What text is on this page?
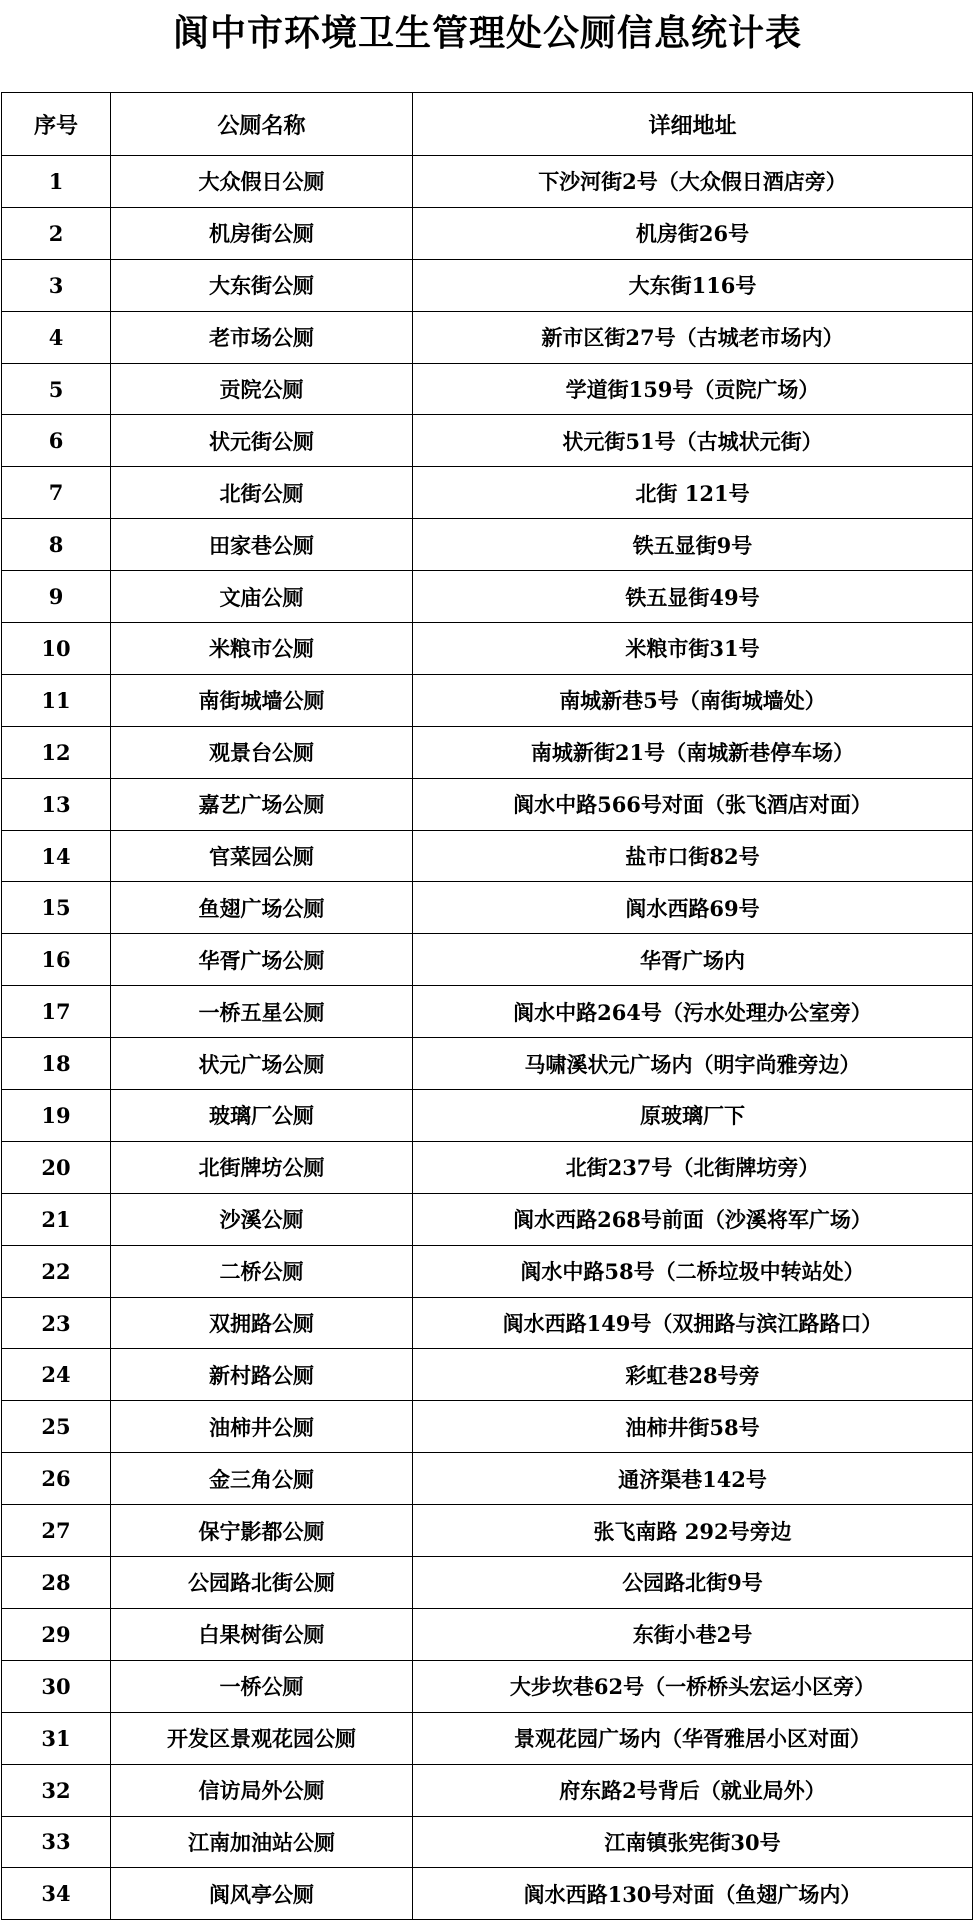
阆中市环境卫生管理处公厕信息统计表
序号	公厕名称	详细地址
1	大众假日公厕	下沙河街2号（大众假日酒店旁）
2	机房街公厕	机房街26号
3	大东街公厕	大东街116号
4	老市场公厕	新市区街27号（古城老市场内）
5	贡院公厕	学道街159号（贡院广场）
6	状元街公厕	状元街51号（古城状元街）
7	北街公厕	北街 121号
8	田家巷公厕	铁五显街9号
9	文庙公厕	铁五显街49号
10	米粮市公厕	米粮市街31号
11	南街城墙公厕	南城新巷5号（南街城墙处）
12	观景台公厕	南城新街21号（南城新巷停车场）
13	嘉艺广场公厕	阆水中路566号对面（张飞酒店对面）
14	官菜园公厕	盐市口街82号
15	鱼翅广场公厕	阆水西路69号
16	华胥广场公厕	华胥广场内
17	一桥五星公厕	阆水中路264号（污水处理办公室旁）
18	状元广场公厕	马啸溪状元广场内（明宇尚雅旁边）
19	玻璃厂公厕	原玻璃厂下
20	北街牌坊公厕	北街237号（北街牌坊旁）
21	沙溪公厕	阆水西路268号前面（沙溪将军广场）
22	二桥公厕	阆水中路58号（二桥垃圾中转站处）
23	双拥路公厕	阆水西路149号（双拥路与滨江路路口）
24	新村路公厕	彩虹巷28号旁
25	油柿井公厕	油柿井街58号
26	金三角公厕	通济渠巷142号
27	保宁影都公厕	张飞南路 292号旁边
28	公园路北街公厕	公园路北街9号
29	白果树街公厕	东街小巷2号
30	一桥公厕	大步坎巷62号（一桥桥头宏运小区旁）
31	开发区景观花园公厕	景观花园广场内（华胥雅居小区对面）
32	信访局外公厕	府东路2号背后（就业局外）
33	江南加油站公厕	江南镇张宪街30号
34	阆风亭公厕	阆水西路130号对面（鱼翅广场内）
